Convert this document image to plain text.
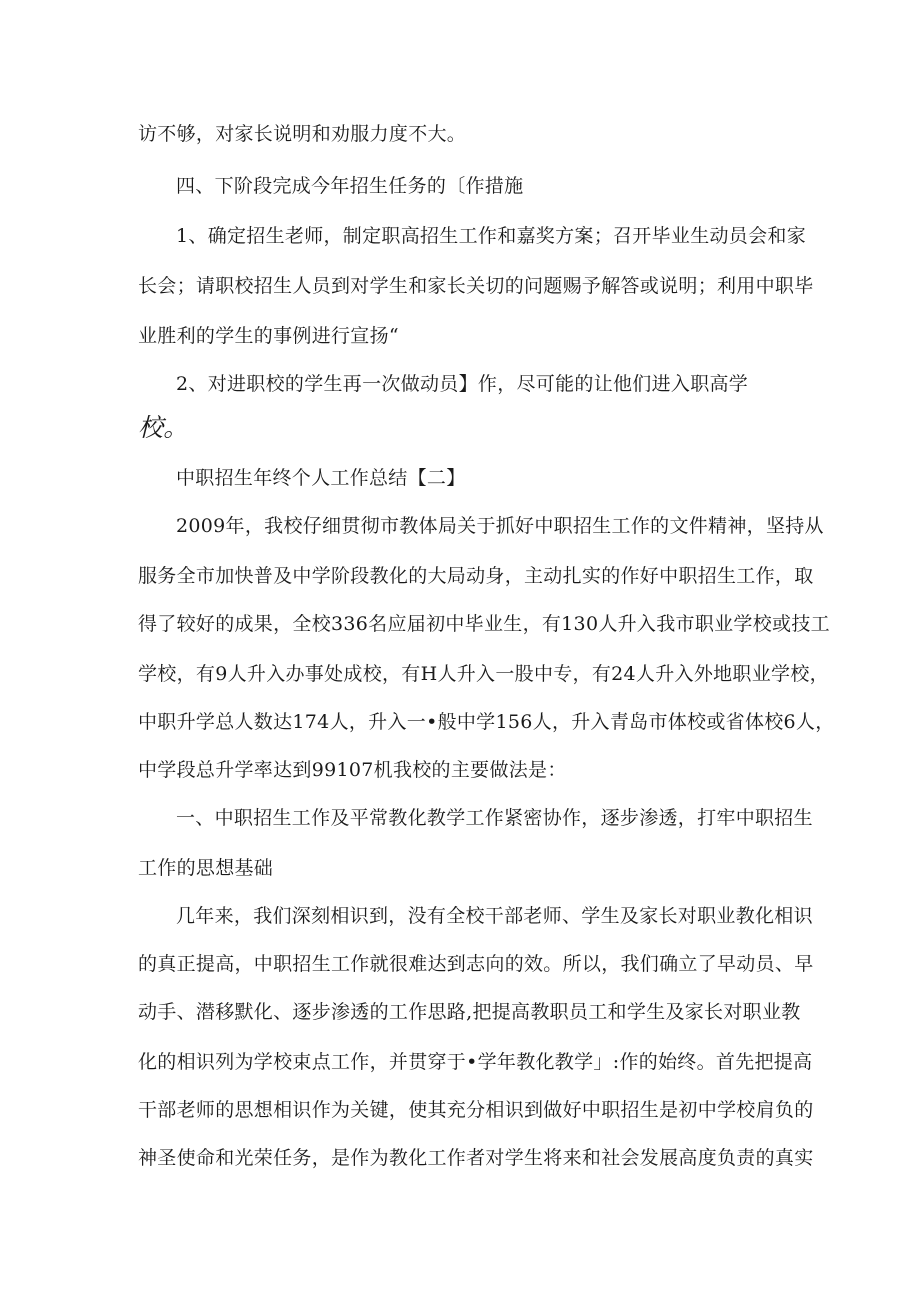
访不够，对家长说明和劝服力度不大。
四、下阶段完成今年招生任务的〔作措施
1、确定招生老师，制定职高招生工作和嘉奖方案；召开毕业生动员会和家
长会；请职校招生人员到对学生和家长关切的问题赐予解答或说明；利用中职毕
业胜利的学生的事例进行宣扬“
2、对进职校的学生再一次做动员】作，尽可能的让他们进入职高学
校。
中职招生年终个人工作总结【二】
2009年，我校仔细贯彻市教体局关于抓好中职招生工作的文件精神，坚持从
服务全市加快普及中学阶段教化的大局动身，主动扎实的作好中职招生工作，取
得了较好的成果，全校336名应届初中毕业生，有130人升入我市职业学校或技工
学校，有9人升入办事处成校，有H人升入一股中专，有24人升入外地职业学校，
中职升学总人数达174人，升入一•般中学156人，升入青岛市体校或省体校6人，
中学段总升学率达到99107机我校的主要做法是：
一、中职招生工作及平常教化教学工作紧密协作，逐步渗透，打牢中职招生
工作的思想基础
几年来，我们深刻相识到，没有全校干部老师、学生及家长对职业教化相识
的真正提高，中职招生工作就很难达到志向的效。所以，我们确立了早动员、早
动手、潜移默化、逐步渗透的工作思路,把提高教职员工和学生及家长对职业教
化的相识列为学校束点工作，并贯穿于•学年教化教学」:作的始终。首先把提高
干部老师的思想相识作为关键，使其充分相识到做好中职招生是初中学校肩负的
神圣使命和光荣任务，是作为教化工作者对学生将来和社会发展高度负责的真实
